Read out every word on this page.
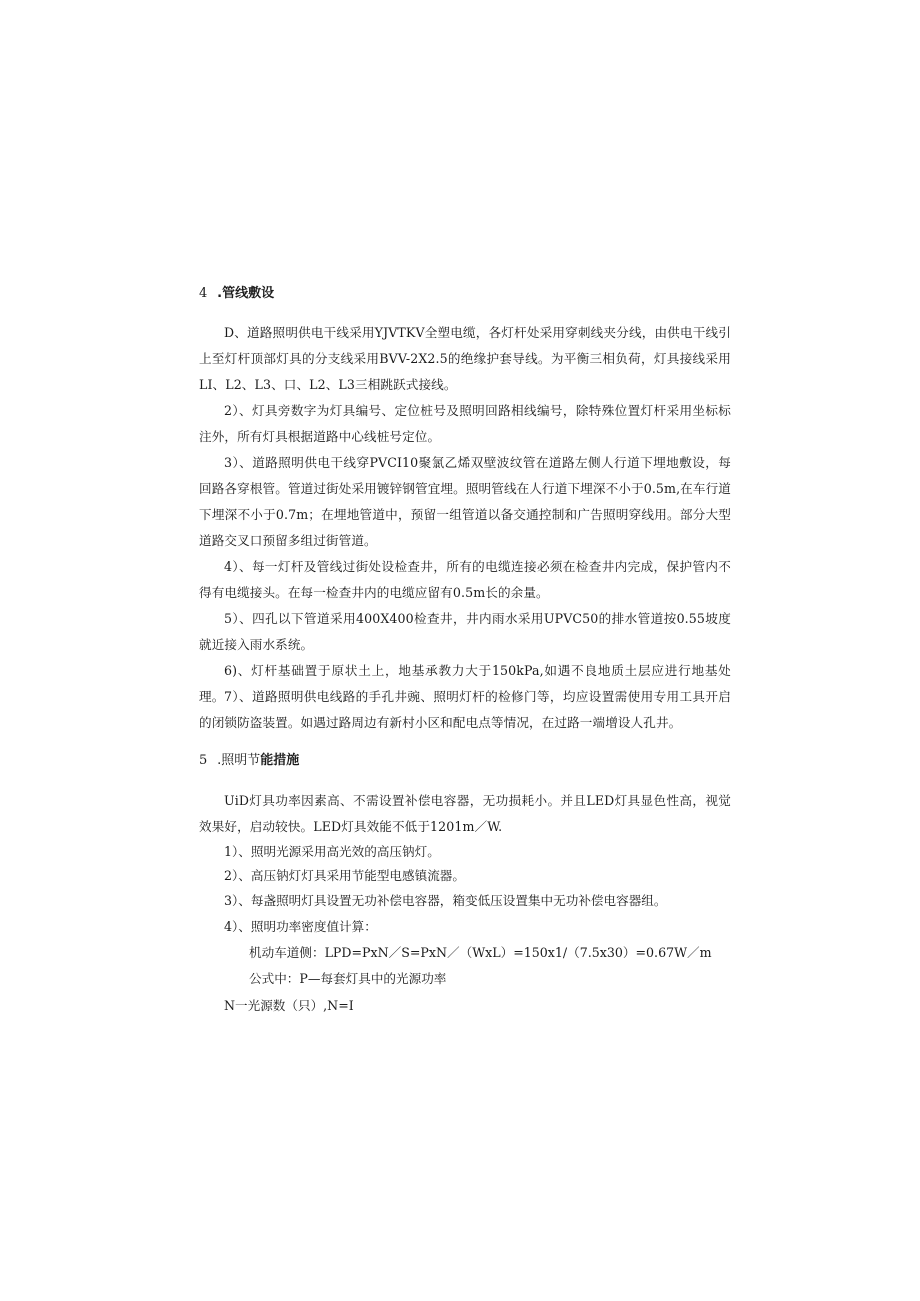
4 .管线敷设
D、道路照明供电干线采用YJVTKV全塑电缆，各灯杆处采用穿刺线夹分线，由供电干线引上至灯杆顶部灯具的分支线采用BVV-2X2.5的绝缘护套导线。为平衡三相负荷，灯具接线采用LI、L2、L3、口、L2、L3三相跳跃式接线。
2）、灯具旁数字为灯具编号、定位桩号及照明回路相线编号，除特殊位置灯杆采用坐标标注外，所有灯具根据道路中心线桩号定位。
3）、道路照明供电干线穿PVCI10聚氯乙烯双壁波纹管在道路左侧人行道下埋地敷设，每回路各穿根管。管道过街处采用镀锌钢管宜埋。照明管线在人行道下埋深不小于0.5m,在车行道下埋深不小于0.7m；在埋地管道中，预留一组管道以备交通控制和广告照明穿线用。部分大型道路交叉口预留多组过街管道。
4）、每一灯杆及管线过街处设检查井，所有的电缆连接必须在检查井内完成，保护管内不得有电缆接头。在每一检查井内的电缆应留有0.5m长的余量。
5）、四孔以下管道采用400X400检查井，井内雨水采用UPVC50的排水管道按0.55坡度就近接入雨水系统。
6)、灯杆基础置于原状土上，地基承教力大于150kPa,如遇不良地质土层应进行地基处理。 7）、道路照明供电线路的手孔井豌、照明灯杆的检修门等，均应设置需使用专用工具开启的闭锁防盗装置。如遇过路周边有新村小区和配电点等情况，在过路一端增设人孔井。
5 .照明节能措施
UiD灯具功率因素高、不需设置补偿电容器，无功损耗小。并且LED灯具显色性高，视觉效果好，启动较快。LED灯具效能不低于1201m／W.
1）、照明光源采用高光效的高压钠灯。
2）、高压钠灯灯具采用节能型电感镇流器。
3）、每盏照明灯具设置无功补偿电容器，箱变低压设置集中无功补偿电容器组。
4）、照明功率密度值计算：
机动车道侧：LPD=PxN／S=PxN／（WxL）=150x1/（7.5x30）=0.67W／m
公式中：P—每套灯具中的光源功率
N一光源数（只）,N=I
